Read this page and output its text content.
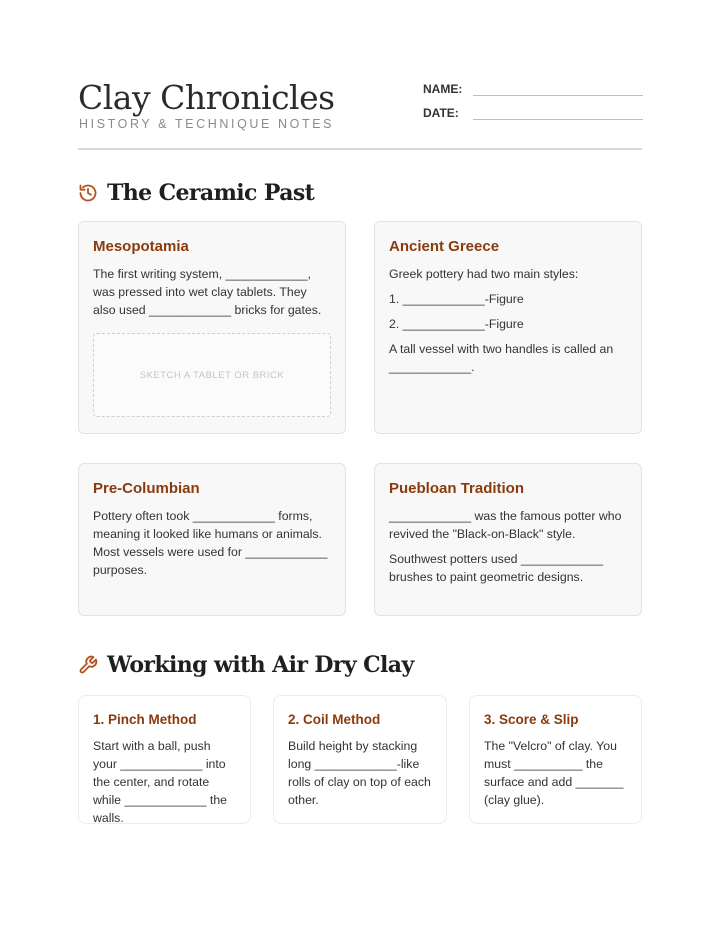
Clay Chronicles
HISTORY & TECHNIQUE NOTES
NAME:
DATE:
The Ceramic Past
Mesopotamia

The first writing system, ____________, was pressed into wet clay tablets. They also used ____________ bricks for gates.

SKETCH A TABLET OR BRICK
Ancient Greece

Greek pottery had two main styles:

1. ____________-Figure

2. ____________-Figure

A tall vessel with two handles is called an ____________.

Pre-Columbian

Pottery often took ____________ forms, meaning it looked like humans or animals. Most vessels were used for ____________ purposes.

Puebloan Tradition

____________ was the famous potter who revived the "Black-on-Black" style.

Southwest potters used ____________ brushes to paint geometric designs.

Working with Air Dry Clay
1. Pinch Method

Start with a ball, push your ____________ into the center, and rotate while ____________ the walls.

2. Coil Method

Build height by stacking long ____________-like rolls of clay on top of each other.

3. Score & Slip

The "Velcro" of clay. You must __________ the surface and add _______ (clay glue).
